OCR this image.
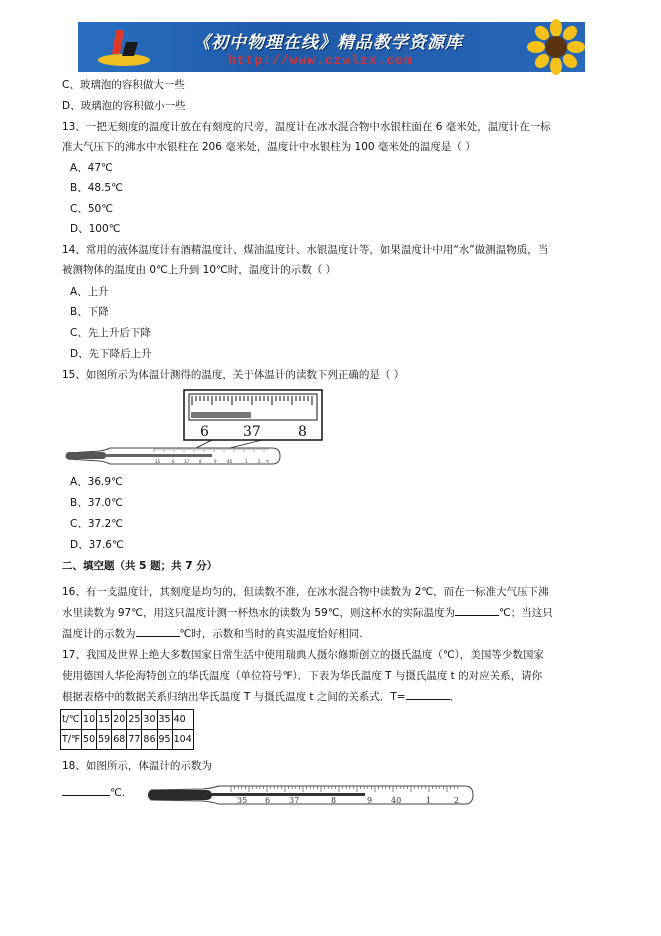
《初中物理在线》精品教学资源库
http://www.czwlzx.com
C、玻璃泡的容积做大一些
D、玻璃泡的容积做小一些
13、一把无刻度的温度计放在有刻度的尺旁，温度计在冰水混合物中水银柱面在 6 毫米处，温度计在一标
准大气压下的沸水中水银柱在 206 毫米处，温度计中水银柱为 100 毫米处的温度是（ ）
A、47℃
B、48.5℃
C、50℃
D、100℃
14、常用的液体温度计有酒精温度计、煤油温度计、水银温度计等，如果温度计中用“水”做测温物质，当
被测物体的温度由 0℃上升到 10℃时，温度计的示数（ ）
A、上升
B、下降
C、先上升后下降
D、先下降后上升
15、如图所示为体温计测得的温度，关于体温计的读数下列正确的是（ ）
6 37	8
35	6 37 8	9	40	1	2 ℃
A、36.9℃
B、37.0℃
C、37.2℃
D、37.6℃
二、填空题（共 5 题；共 7 分）
16、有一支温度计，其刻度是均匀的，但读数不准，在冰水混合物中读数为 2℃，而在一标准大气压下沸
水里读数为 97℃，用这只温度计测一杯热水的读数为 59℃，则这杯水的实际温度为	℃；当这只
温度计的示数为	℃时，示数和当时的真实温度恰好相同.
17、我国及世界上绝大多数国家日常生活中使用瑞典人摄尔修斯创立的摄氏温度（℃），美国等少数国家
使用德国人华伦海特创立的华氏温度（单位符号℉）．下表为华氏温度 T 与摄氏温度 t 的对应关系，请你
根据表格中的数据关系归纳出华氏温度 T 与摄氏温度 t 之间的关系式．T=	．
t/℃	10	15	20	25	30	35	40
T/℉	50	59	68	77	86	95	104
18、如图所示，体温计的示数为
℃.
35 6 37	8	9 40	1	2
